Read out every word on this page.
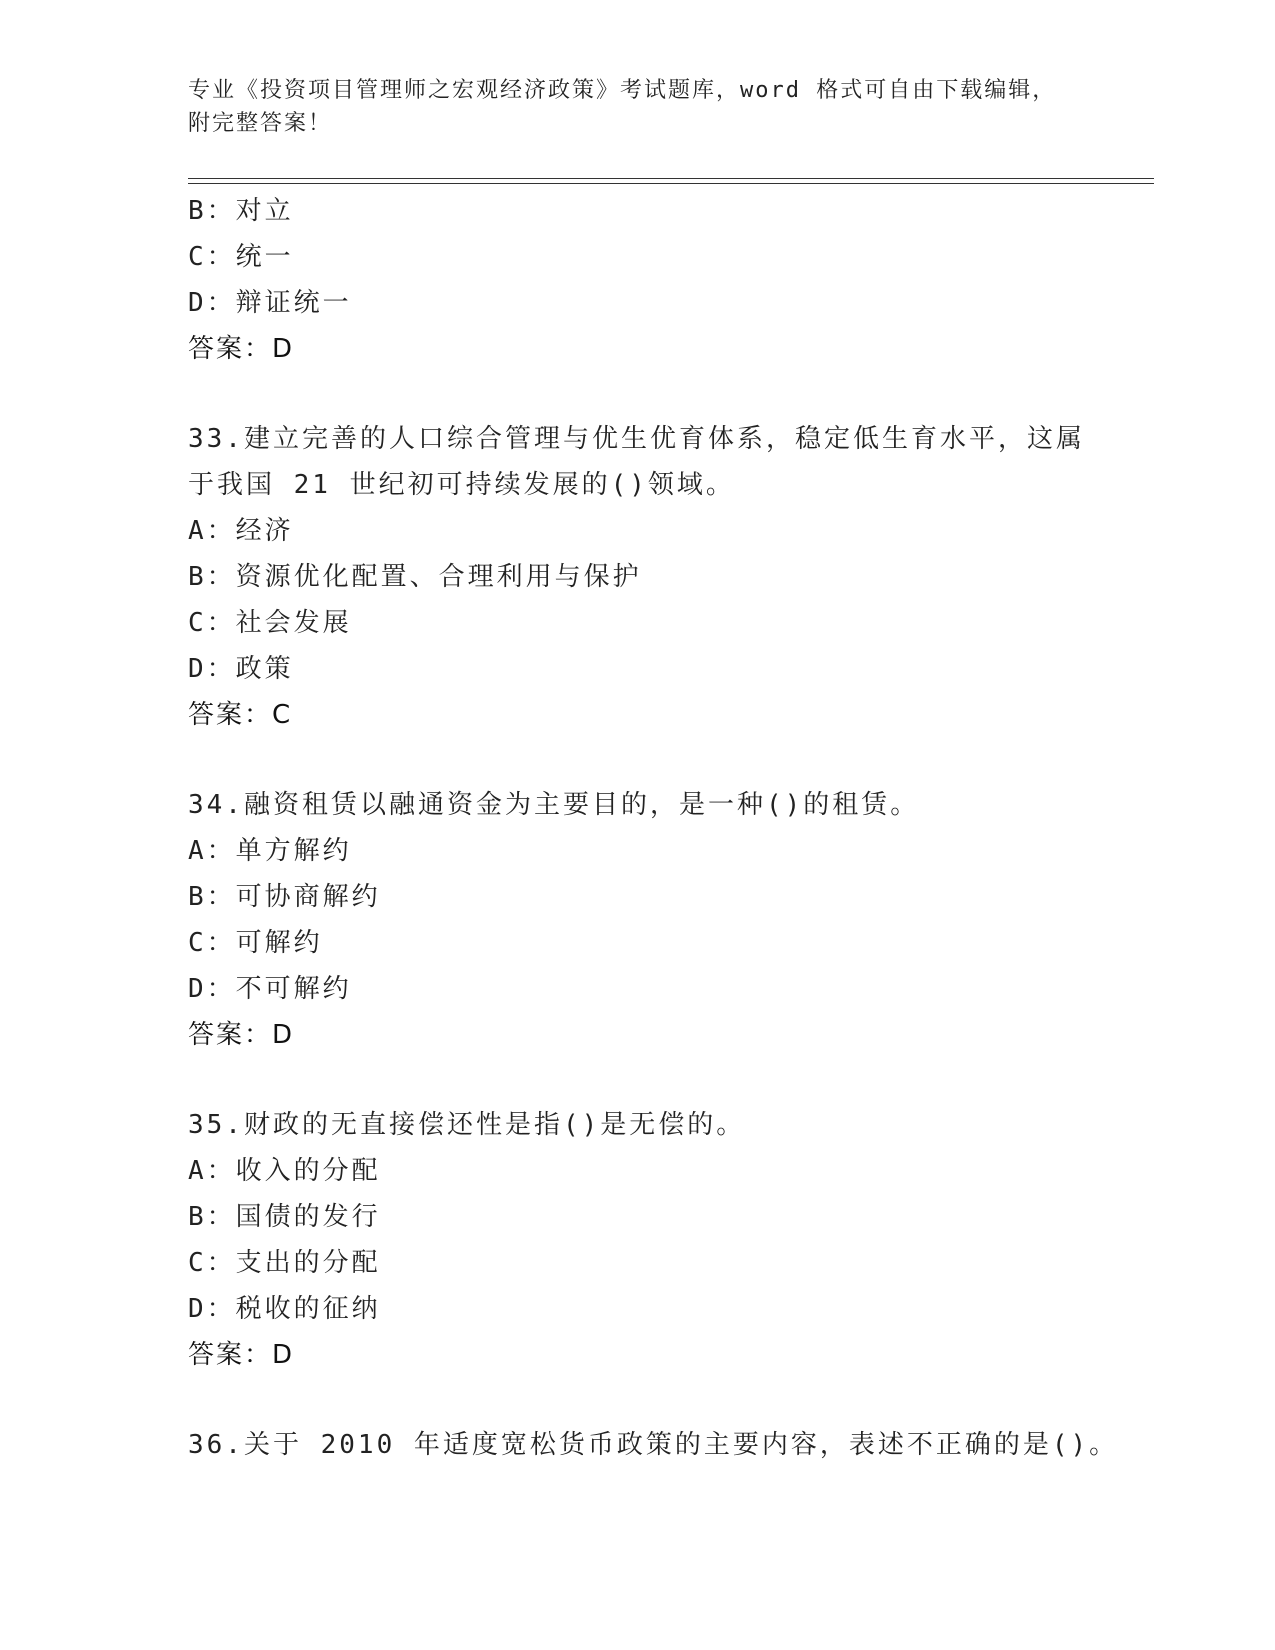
专业《投资项目管理师之宏观经济政策》考试题库，word 格式可自由下载编辑，
附完整答案！
B：对立
C：统一
D：辩证统一
答案：D
33.建立完善的人口综合管理与优生优育体系，稳定低生育水平，这属
于我国 21 世纪初可持续发展的()领域。
A：经济
B：资源优化配置、合理利用与保护
C：社会发展
D：政策
答案：C
34.融资租赁以融通资金为主要目的，是一种()的租赁。
A：单方解约
B：可协商解约
C：可解约
D：不可解约
答案：D
35.财政的无直接偿还性是指()是无偿的。
A：收入的分配
B：国债的发行
C：支出的分配
D：税收的征纳
答案：D
36.关于 2010 年适度宽松货币政策的主要内容，表述不正确的是()。
